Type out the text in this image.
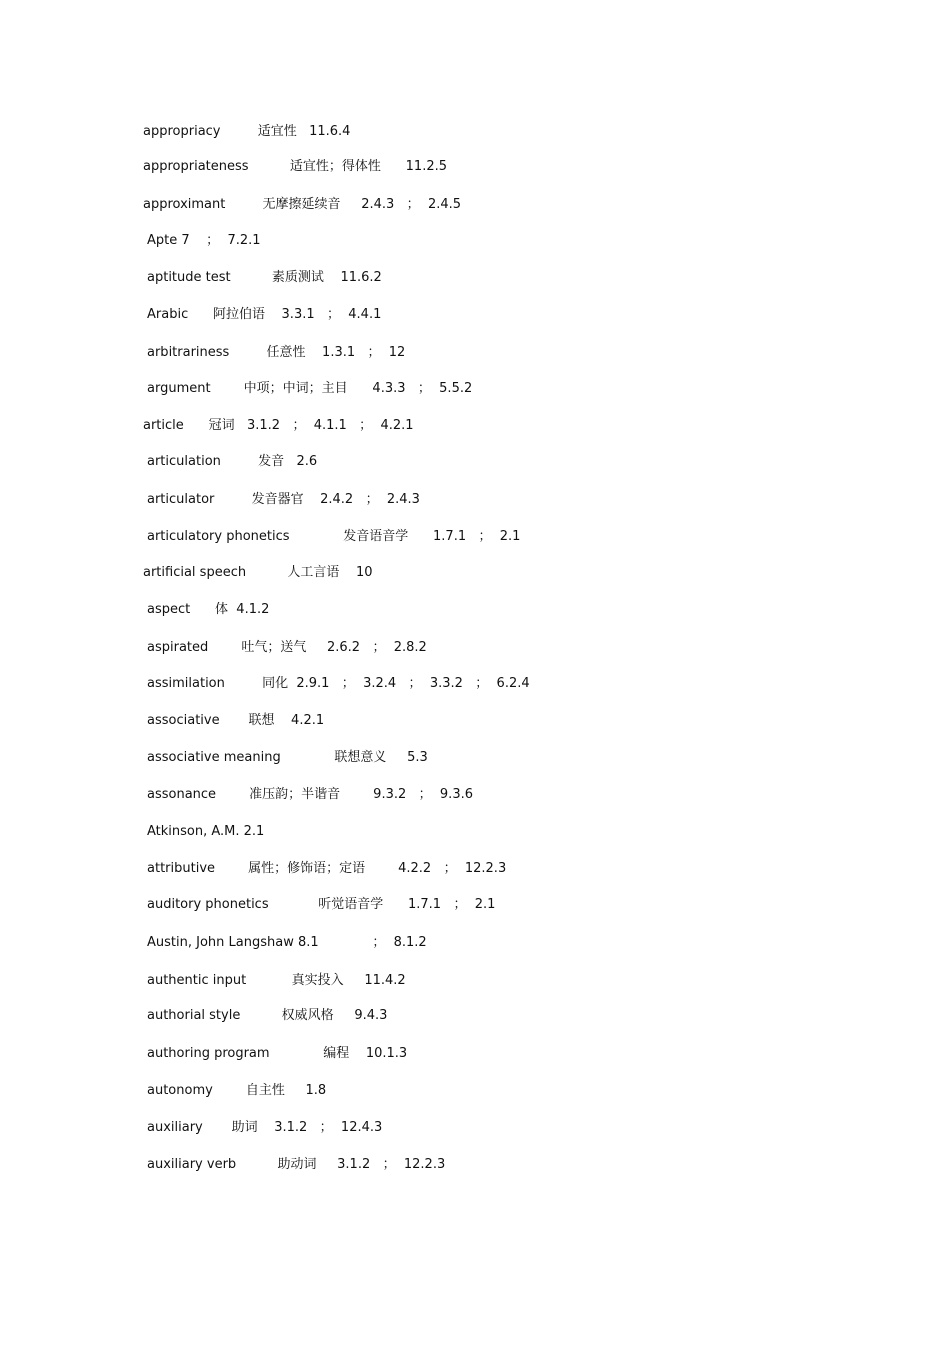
appropriacy         适宜性   11.6.4
appropriateness          适宜性；得体性      11.2.5
approximant         无摩擦延续音     2.4.3   ；  2.4.5
Apte 7    ；  7.2.1
aptitude test          素质测试    11.6.2
Arabic      阿拉伯语    3.3.1   ；  4.4.1
arbitrariness         任意性    1.3.1   ；  12
argument        中项；中词；主目      4.3.3   ；  5.5.2
article      冠词   3.1.2   ；  4.1.1   ；  4.2.1
articulation         发音   2.6
articulator         发音器官    2.4.2   ；  2.4.3
articulatory phonetics             发音语音学      1.7.1   ；  2.1
artificial speech          人工言语    10
aspect      体  4.1.2
aspirated        吐气；送气     2.6.2   ；  2.8.2
assimilation         同化  2.9.1   ；  3.2.4   ；  3.3.2   ；  6.2.4
associative       联想    4.2.1
associative meaning             联想意义     5.3
assonance        准压韵；半谐音        9.3.2   ；  9.3.6
Atkinson, A.M. 2.1
attributive        属性；修饰语；定语        4.2.2   ；  12.2.3
auditory phonetics            听觉语音学      1.7.1   ；  2.1
Austin, John Langshaw 8.1             ；  8.1.2
authentic input           真实投入     11.4.2
authorial style          权威风格     9.4.3
authoring program             编程    10.1.3
autonomy        自主性     1.8
auxiliary       助词    3.1.2   ；  12.4.3
auxiliary verb          助动词     3.1.2   ；  12.2.3
